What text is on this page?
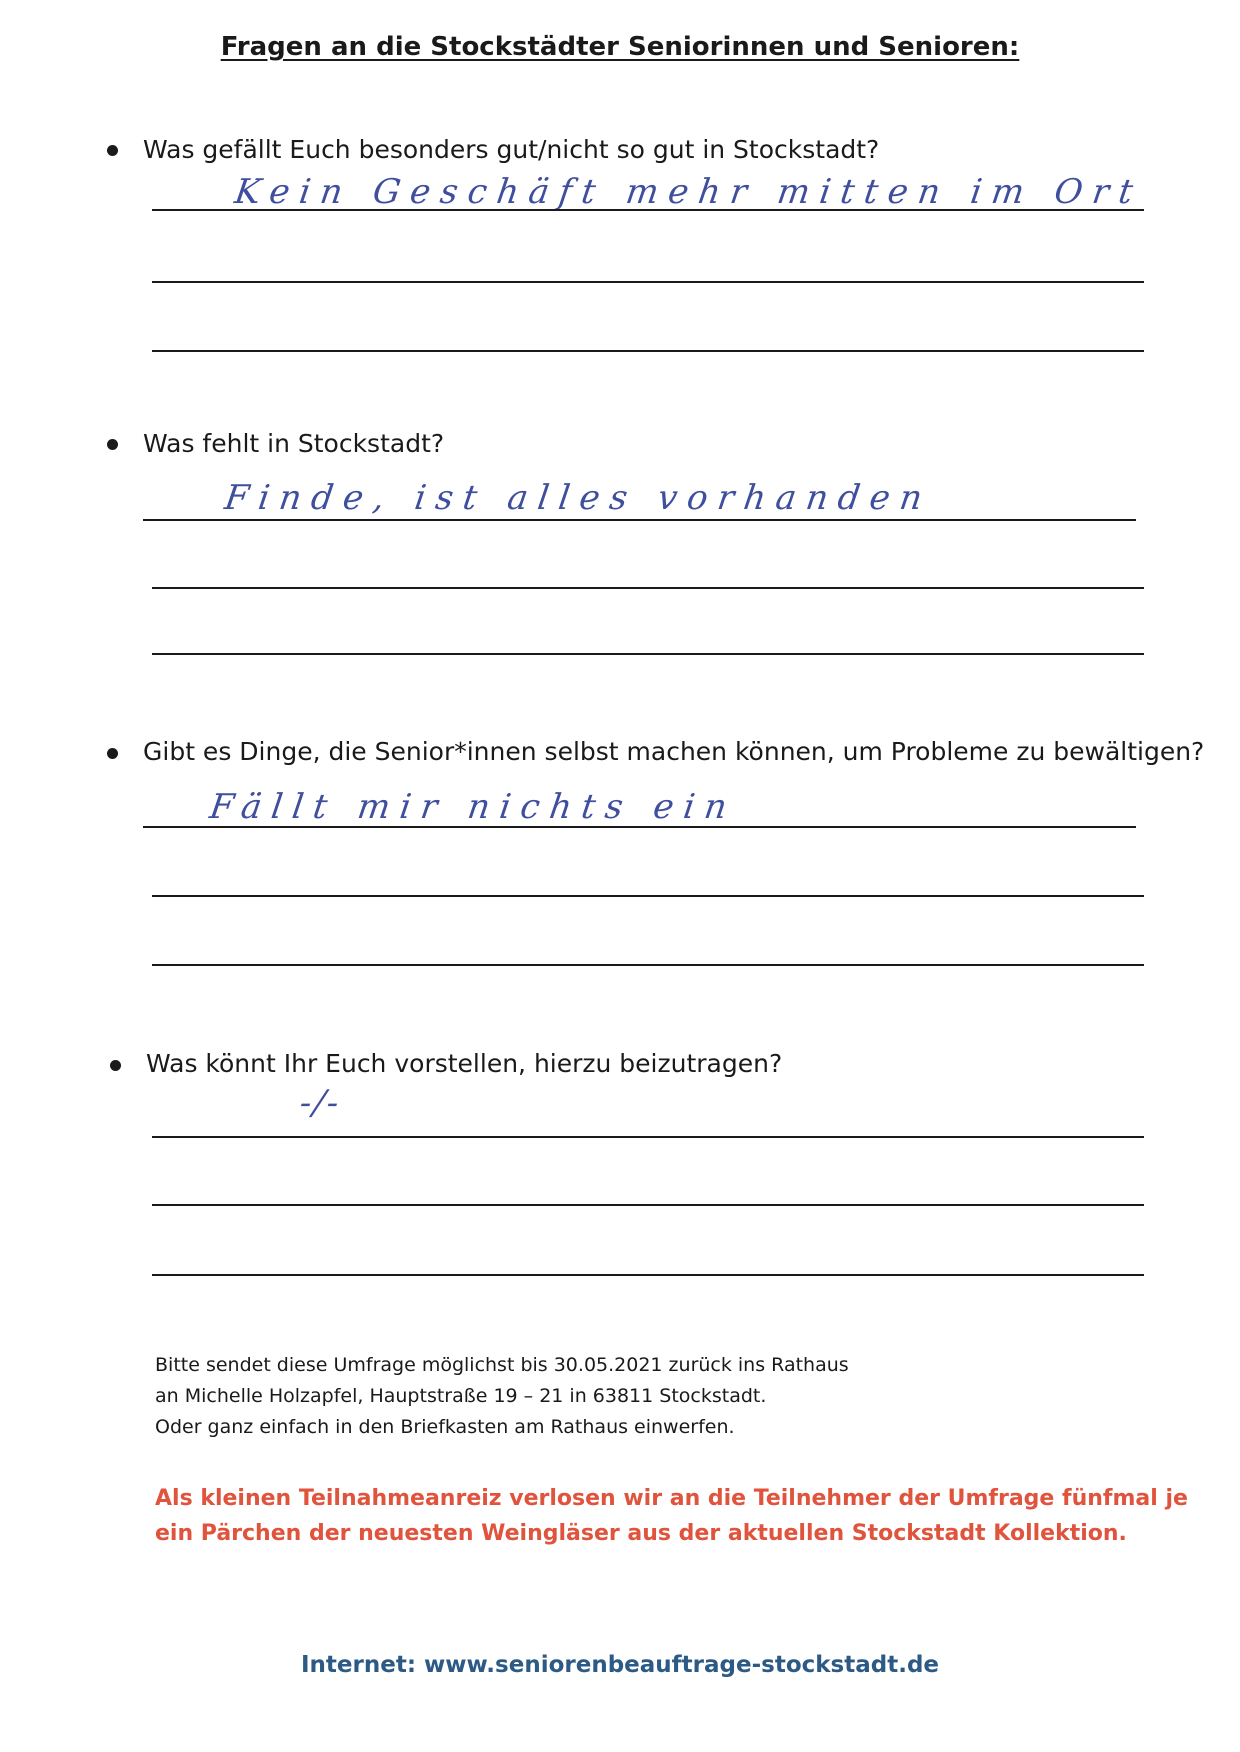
Fragen an die Stockstädter Seniorinnen und Senioren:
Was gefällt Euch besonders gut/nicht so gut in Stockstadt?
Kein Geschäft mehr mitten im Ort
Was fehlt in Stockstadt?
Finde, ist alles vorhanden
Gibt es Dinge, die Senior*innen selbst machen können, um Probleme zu bewältigen?
Fällt mir nichts ein
Was könnt Ihr Euch vorstellen, hierzu beizutragen?
-/-
Bitte sendet diese Umfrage möglichst bis 30.05.2021 zurück ins Rathaus
an Michelle Holzapfel, Hauptstraße 19 – 21 in 63811 Stockstadt.
Oder ganz einfach in den Briefkasten am Rathaus einwerfen.
Als kleinen Teilnahmeanreiz verlosen wir an die Teilnehmer der Umfrage fünfmal je
ein Pärchen der neuesten Weingläser aus der aktuellen Stockstadt Kollektion.
Internet: www.seniorenbeauftrage-stockstadt.de
